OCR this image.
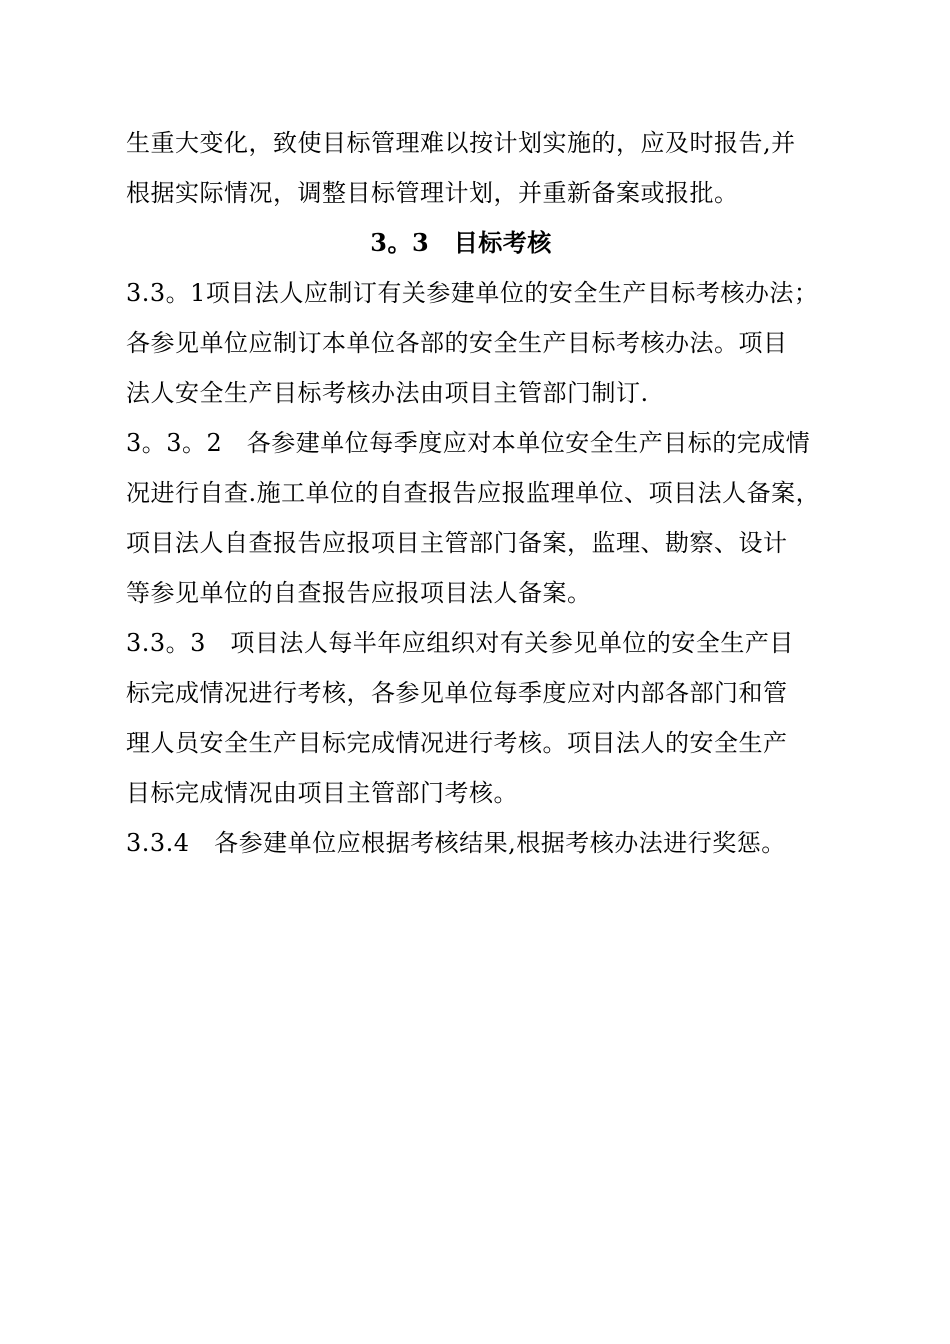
生重大变化，致使目标管理难以按计划实施的，应及时报告,并
根据实际情况，调整目标管理计划，并重新备案或报批。
3。3　目标考核
3.3。1项目法人应制订有关参建单位的安全生产目标考核办法；
各参见单位应制订本单位各部的安全生产目标考核办法。项目
法人安全生产目标考核办法由项目主管部门制订.
3。3。2　各参建单位每季度应对本单位安全生产目标的完成情
况进行自查.施工单位的自查报告应报监理单位、项目法人备案，
项目法人自查报告应报项目主管部门备案，监理、勘察、设计
等参见单位的自查报告应报项目法人备案。
3.3。3　项目法人每半年应组织对有关参见单位的安全生产目
标完成情况进行考核，各参见单位每季度应对内部各部门和管
理人员安全生产目标完成情况进行考核。项目法人的安全生产
目标完成情况由项目主管部门考核。
3.3.4　各参建单位应根据考核结果,根据考核办法进行奖惩。
